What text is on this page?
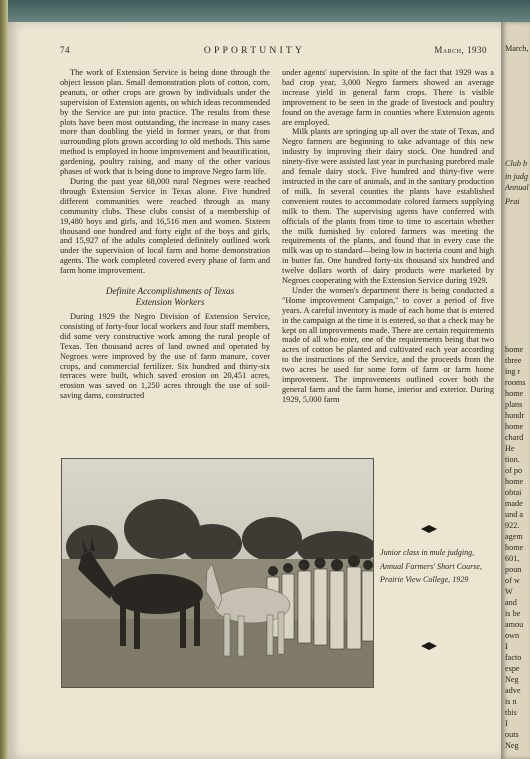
74	OPPORTUNITY	March, 1930

The work of Extension Service is being done through the object lesson plan. Small demonstration plots of cotton, corn, peanuts, or other crops are grown by individuals under the supervision of Extension agents, on which ideas recommended by the Service are put into practice. The results from these plots have been most outstanding, the increase in many cases more than doubling the yield in former years, or that from surrounding plots grown according to old methods. This same method is employed in home improvement and beautification, gardening, poultry raising, and many of the other various phases of work that is being done to improve Negro farm life.

During the past year 68,000 rural Negroes were reached through Extension Service in Texas alone. Five hundred different communities were reached through as many community clubs. These clubs consist of a membership of 19,480 boys and girls, and 16,516 men and women. Sixteen thousand one hundred and forty eight of the boys and girls, and 15,927 of the adults completed definitely outlined work under the supervision of local farm and home demonstration agents. The work completed covered every phase of farm and farm home improvement.

Definite Accomplishments of Texas

Extension Workers

During 1929 the Negro Division of Extension Service, consisting of forty-four local workers and four staff members, did some very constructive work among the rural people of Texas. Ten thousand acres of land owned and operated by Negroes were improved by the use of farm manure, cover crops, and commercial fertilizer. Six hundred and thirty-six terraces were built, which saved erosion on 20,451 acres, erosion was saved on 1,250 acres through the use of soil-saving dams, constructed

under agents' supervision. In spite of the fact that 1929 was a bad crop year, 3,000 Negro farmers showed an average increase yield in general farm crops. There is visible improvement to be seen in the grade of livestock and poultry found on the average farm in counties where Extension agents are employed.

Milk plants are springing up all over the state of Texas, and Negro farmers are beginning to take advantage of this new industry by improving their dairy stock. One hundred and ninety-five were assisted last year in purchasing purebred male and female dairy stock. Five hundred and thirty-five were instructed in the care of animals, and in the sanitary production of milk. In several counties the plants have established convenient routes to accommodate colored farmers supplying milk to them. The supervising agents have conferred with officials of the plants from time to time to ascertain whether the milk furnished by colored farmers was meeting the requirements of the plants, and found that in every case the milk was up to standard—being low in bacteria count and high in butter fat. One hundred forty-six thousand six hundred and twelve dollars worth of dairy products were marketed by Negroes cooperating with the Extension Service during 1929.

Under the women's department there is being conducted a "Home improvement Campaign," to cover a period of five years. A careful inventory is made of each home that is entered in the campaign at the time it is entered, so that a check may be kept on all improvements made. There are certain requirements made of all who enter, one of the requirements being that two acres of cotton be planted and cultivated each year according to the instructions of the Service, and the proceeds from the two acres be used for some form of farm or farm home improvement. The improvements outlined cover both the general farm and the farm home, interior and exterior. During 1929, 5,000 farm

Junior class in mule judging,
Annual Farmers' Short Course,
Prairie View College, 1929
March,
Club b
in judg
Annual
Prai
home
three
ing r
rooms
home
plans
hundr
home
chard
He
tion.
of po
home
obtai
made
und a
922.
agem
home
601,
poun
of w
W
and
is be
amou
own
I
facto
espe
Neg
adve
is n
this
I
outs
Neg
